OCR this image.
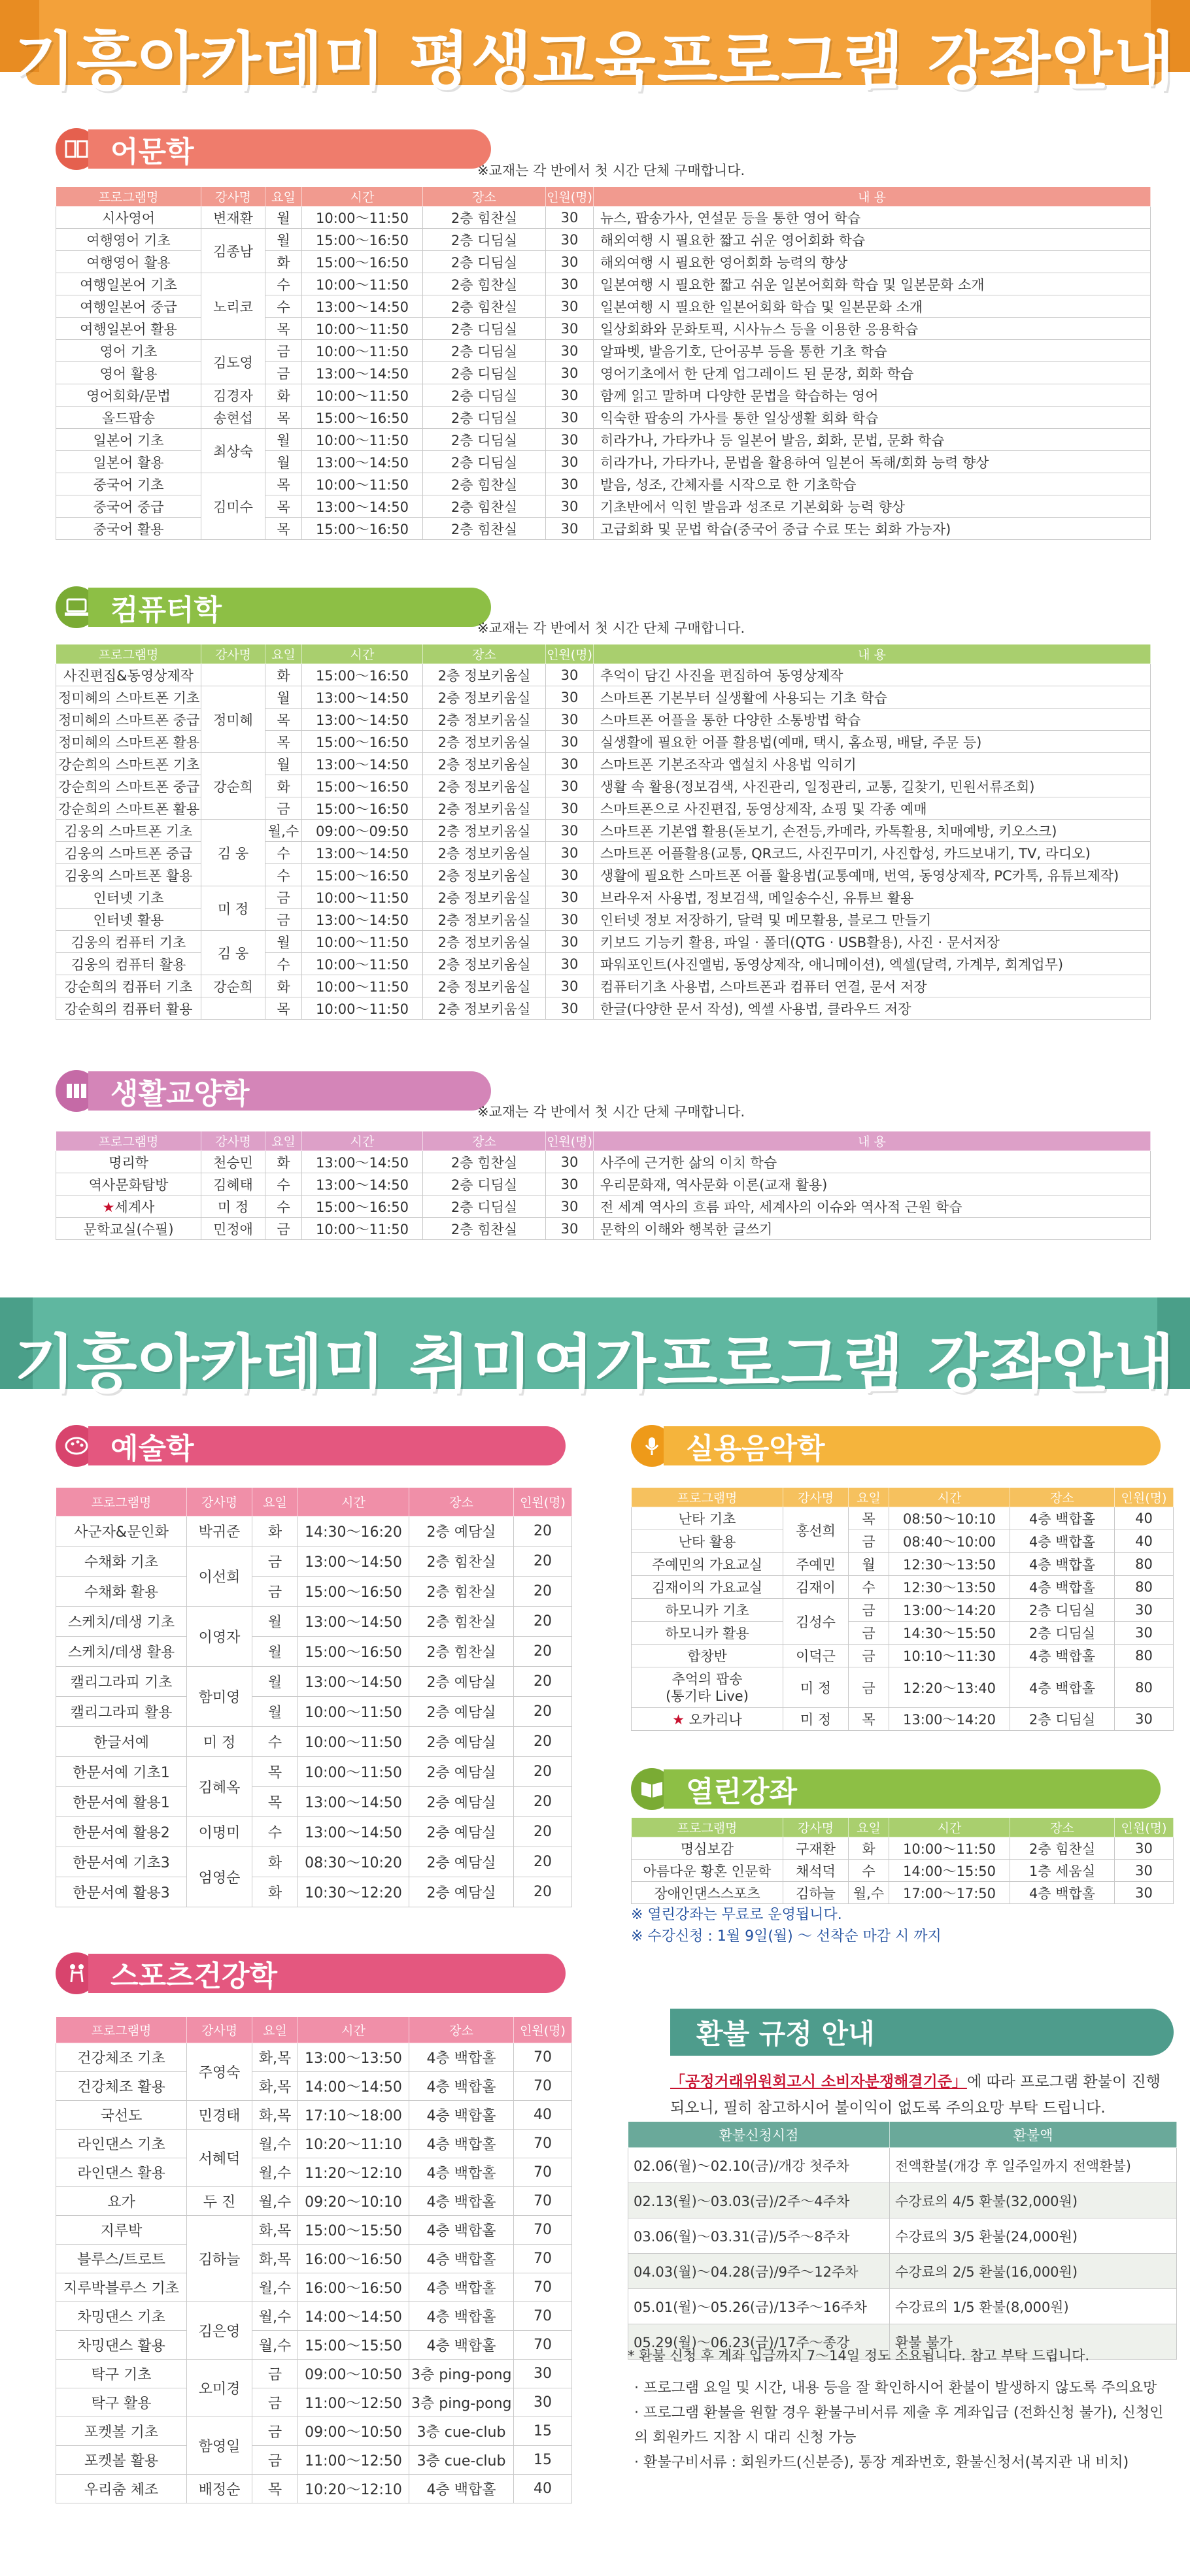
기흥아카데미 평생교육프로그램 강좌안내
어문학
※교재는 각 반에서 첫 시간 단체 구매합니다.
프로그램명	강사명	요일	시간	장소	인원(명)	내 용
시사영어	변재환	월	10:00～11:50	2층 힘찬실	30	뉴스, 팝송가사, 연설문 등을 통한 영어 학습
여행영어 기초	김종남	월	15:00～16:50	2층 디딤실	30	해외여행 시 필요한 짧고 쉬운 영어회화 학습
여행영어 활용		화	15:00～16:50	2층 디딤실	30	해외여행 시 필요한 영어회화 능력의 향상
여행일본어 기초	노리코	수	10:00～11:50	2층 힘찬실	30	일본여행 시 필요한 짧고 쉬운 일본어회화 학습 및 일본문화 소개
여행일본어 중급		수	13:00～14:50	2층 힘찬실	30	일본여행 시 필요한 일본어회화 학습 및 일본문화 소개
여행일본어 활용		목	10:00～11:50	2층 디딤실	30	일상회화와 문화토픽, 시사뉴스 등을 이용한 응용학습
영어 기초	김도영	금	10:00～11:50	2층 디딤실	30	알파벳, 발음기호, 단어공부 등을 통한 기초 학습
영어 활용		금	13:00～14:50	2층 디딤실	30	영어기초에서 한 단계 업그레이드 된 문장, 회화 학습
영어회화/문법	김경자	화	10:00～11:50	2층 디딤실	30	함께 읽고 말하며 다양한 문법을 학습하는 영어
올드팝송	송현섭	목	15:00～16:50	2층 디딤실	30	익숙한 팝송의 가사를 통한 일상생활 회화 학습
일본어 기초	최상숙	월	10:00～11:50	2층 디딤실	30	히라가나, 가타카나 등 일본어 발음, 회화, 문법, 문화 학습
일본어 활용		월	13:00～14:50	2층 디딤실	30	히라가나, 가타카나, 문법을 활용하여 일본어 독해/회화 능력 향상
중국어 기초	김미수	목	10:00～11:50	2층 힘찬실	30	발음, 성조, 간체자를 시작으로 한 기초학습
중국어 중급		목	13:00～14:50	2층 힘찬실	30	기초반에서 익힌 발음과 성조로 기본회화 능력 향상
중국어 활용		목	15:00～16:50	2층 힘찬실	30	고급회화 및 문법 학습(중국어 중급 수료 또는 회화 가능자)
컴퓨터학
※교재는 각 반에서 첫 시간 단체 구매합니다.
프로그램명	강사명	요일	시간	장소	인원(명)	내 용
사진편집&동영상제작		화	15:00～16:50	2층 정보키움실	30	추억이 담긴 사진을 편집하여 동영상제작
정미혜의 스마트폰 기초	정미혜	월	13:00～14:50	2층 정보키움실	30	스마트폰 기본부터 실생활에 사용되는 기초 학습
정미혜의 스마트폰 중급		목	13:00～14:50	2층 정보키움실	30	스마트폰 어플을 통한 다양한 소통방법 학습
정미혜의 스마트폰 활용		목	15:00～16:50	2층 정보키움실	30	실생활에 필요한 어플 활용법(예매, 택시, 홈쇼핑, 배달, 주문 등)
강순희의 스마트폰 기초	강순희	월	13:00～14:50	2층 정보키움실	30	스마트폰 기본조작과 앱설치 사용법 익히기
강순희의 스마트폰 중급		화	15:00～16:50	2층 정보키움실	30	생활 속 활용(정보검색, 사진관리, 일정관리, 교통, 길찾기, 민원서류조회)
강순희의 스마트폰 활용		금	15:00～16:50	2층 정보키움실	30	스마트폰으로 사진편집, 동영상제작, 쇼핑 및 각종 예매
김웅의 스마트폰 기초	김 웅	월,수	09:00～09:50	2층 정보키움실	30	스마트폰 기본앱 활용(돋보기, 손전등,카메라, 카톡활용, 치매예방, 키오스크)
김웅의 스마트폰 중급		수	13:00～14:50	2층 정보키움실	30	스마트폰 어플활용(교통, QR코드, 사진꾸미기, 사진합성, 카드보내기, TV, 라디오)
김웅의 스마트폰 활용		수	15:00～16:50	2층 정보키움실	30	생활에 필요한 스마트폰 어플 활용법(교통예매, 번역, 동영상제작, PC카톡, 유튜브제작)
인터넷 기초	미 정	금	10:00～11:50	2층 정보키움실	30	브라우저 사용법, 정보검색, 메일송수신, 유튜브 활용
인터넷 활용		금	13:00～14:50	2층 정보키움실	30	인터넷 정보 저장하기, 달력 및 메모활용, 블로그 만들기
김웅의 컴퓨터 기초	김 웅	월	10:00～11:50	2층 정보키움실	30	키보드 기능키 활용, 파일 · 폴더(QTG · USB활용), 사진 · 문서저장
김웅의 컴퓨터 활용		수	10:00～11:50	2층 정보키움실	30	파워포인트(사진앨범, 동영상제작, 애니메이션), 엑셀(달력, 가계부, 회계업무)
강순희의 컴퓨터 기초	강순희	화	10:00～11:50	2층 정보키움실	30	컴퓨터기초 사용법, 스마트폰과 컴퓨터 연결, 문서 저장
강순희의 컴퓨터 활용		목	10:00～11:50	2층 정보키움실	30	한글(다양한 문서 작성), 엑셀 사용법, 클라우드 저장
생활교양학
※교재는 각 반에서 첫 시간 단체 구매합니다.
프로그램명	강사명	요일	시간	장소	인원(명)	내 용
명리학	천승민	화	13:00～14:50	2층 힘찬실	30	사주에 근거한 삶의 이치 학습
역사문화탐방	김혜태	수	13:00～14:50	2층 디딤실	30	우리문화재, 역사문화 이론(교재 활용)
★세계사	미 정	수	15:00～16:50	2층 디딤실	30	전 세계 역사의 흐름 파악, 세계사의 이슈와 역사적 근원 학습
문학교실(수필)	민정애	금	10:00～11:50	2층 힘찬실	30	문학의 이해와 행복한 글쓰기
기흥아카데미 취미여가프로그램 강좌안내
예술학
프로그램명	강사명	요일	시간	장소	인원(명)
사군자&문인화	박귀준	화	14:30～16:20	2층 예담실	20
수채화 기초	이선희	금	13:00～14:50	2층 힘찬실	20
수채화 활용		금	15:00～16:50	2층 힘찬실	20
스케치/데생 기초	이영자	월	13:00～14:50	2층 힘찬실	20
스케치/데생 활용		월	15:00～16:50	2층 힘찬실	20
캘리그라피 기초	함미영	월	13:00～14:50	2층 예담실	20
캘리그라피 활용		월	10:00～11:50	2층 예담실	20
한글서예	미 정	수	10:00～11:50	2층 예담실	20
한문서예 기초1	김혜옥	목	10:00～11:50	2층 예담실	20
한문서예 활용1		목	13:00～14:50	2층 예담실	20
한문서예 활용2	이명미	수	13:00～14:50	2층 예담실	20
한문서예 기초3	엄영순	화	08:30～10:20	2층 예담실	20
한문서예 활용3		화	10:30～12:20	2층 예담실	20
스포츠건강학
프로그램명	강사명	요일	시간	장소	인원(명)
건강체조 기초	주영숙	화,목	13:00～13:50	4층 백합홀	70
건강체조 활용		화,목	14:00～14:50	4층 백합홀	70
국선도	민경태	화,목	17:10～18:00	4층 백합홀	40
라인댄스 기초	서혜덕	월,수	10:20～11:10	4층 백합홀	70
라인댄스 활용		월,수	11:20～12:10	4층 백합홀	70
요가	두 진	월,수	09:20～10:10	4층 백합홀	70
지루박	김하늘	화,목	15:00～15:50	4층 백합홀	70
블루스/트로트		화,목	16:00～16:50	4층 백합홀	70
지루박블루스 기초		월,수	16:00～16:50	4층 백합홀	70
차밍댄스 기초	김은영	월,수	14:00～14:50	4층 백합홀	70
차밍댄스 활용		월,수	15:00～15:50	4층 백합홀	70
탁구 기초	오미경	금	09:00～10:50	3층 ping-pong	30
탁구 활용		금	11:00～12:50	3층 ping-pong	30
포켓볼 기초	함영일	금	09:00～10:50	3층 cue-club	15
포켓볼 활용		금	11:00～12:50	3층 cue-club	15
우리춤 체조	배정순	목	10:20～12:10	4층 백합홀	40
실용음악학
프로그램명	강사명	요일	시간	장소	인원(명)
난타 기초	홍선희	목	08:50～10:10	4층 백합홀	40
난타 활용		금	08:40～10:00	4층 백합홀	40
주예민의 가요교실	주예민	월	12:30～13:50	4층 백합홀	80
김재이의 가요교실	김재이	수	12:30～13:50	4층 백합홀	80
하모니카 기초	김성수	금	13:00～14:20	2층 디딤실	30
하모니카 활용		금	14:30～15:50	2층 디딤실	30
합창반	이덕근	금	10:10～11:30	4층 백합홀	80
추억의 팝송
(통기타 Live)	미 정	금	12:20～13:40	4층 백합홀	80
★ 오카리나	미 정	목	13:00～14:20	2층 디딤실	30
열린강좌
프로그램명	강사명	요일	시간	장소	인원(명)
명심보감	구재환	화	10:00～11:50	2층 힘찬실	30
아름다운 황혼 인문학	채석덕	수	14:00～15:50	1층 세움실	30
장애인댄스스포츠	김하늘	월,수	17:00～17:50	4층 백합홀	30
※ 열린강좌는 무료로 운영됩니다.
※ 수강신청 : 1월 9일(월) ～ 선착순 마감 시 까지
환불 규정 안내
「공정거래위원회고시 소비자분쟁해결기준」에 따라 프로그램 환불이 진행되오니, 필히 참고하시어 불이익이 없도록 주의요망 부탁 드립니다.
환불신청시점	환불액
02.06(월)～02.10(금)/개강 첫주차	전액환불(개강 후 일주일까지 전액환불)
02.13(월)～03.03(금)/2주～4주차	수강료의 4/5 환불(32,000원)
03.06(월)～03.31(금)/5주～8주차	수강료의 3/5 환불(24,000원)
04.03(월)～04.28(금)/9주～12주차	수강료의 2/5 환불(16,000원)
05.01(월)～05.26(금)/13주～16주차	수강료의 1/5 환불(8,000원)
05.29(월)～06.23(금)/17주～종강	환불 불가
* 환불 신청 후 계좌 입금까지 7～14일 정도 소요됩니다. 참고 부탁 드립니다.
· 프로그램 요일 및 시간, 내용 등을 잘 확인하시어 환불이 발생하지 않도록 주의요망
· 프로그램 환불을 원할 경우 환불구비서류 제출 후 계좌입금 (전화신청 불가), 신청인의 회원카드 지참 시 대리 신청 가능
· 환불구비서류 : 회원카드(신분증), 통장 계좌번호, 환불신청서(복지관 내 비치)
